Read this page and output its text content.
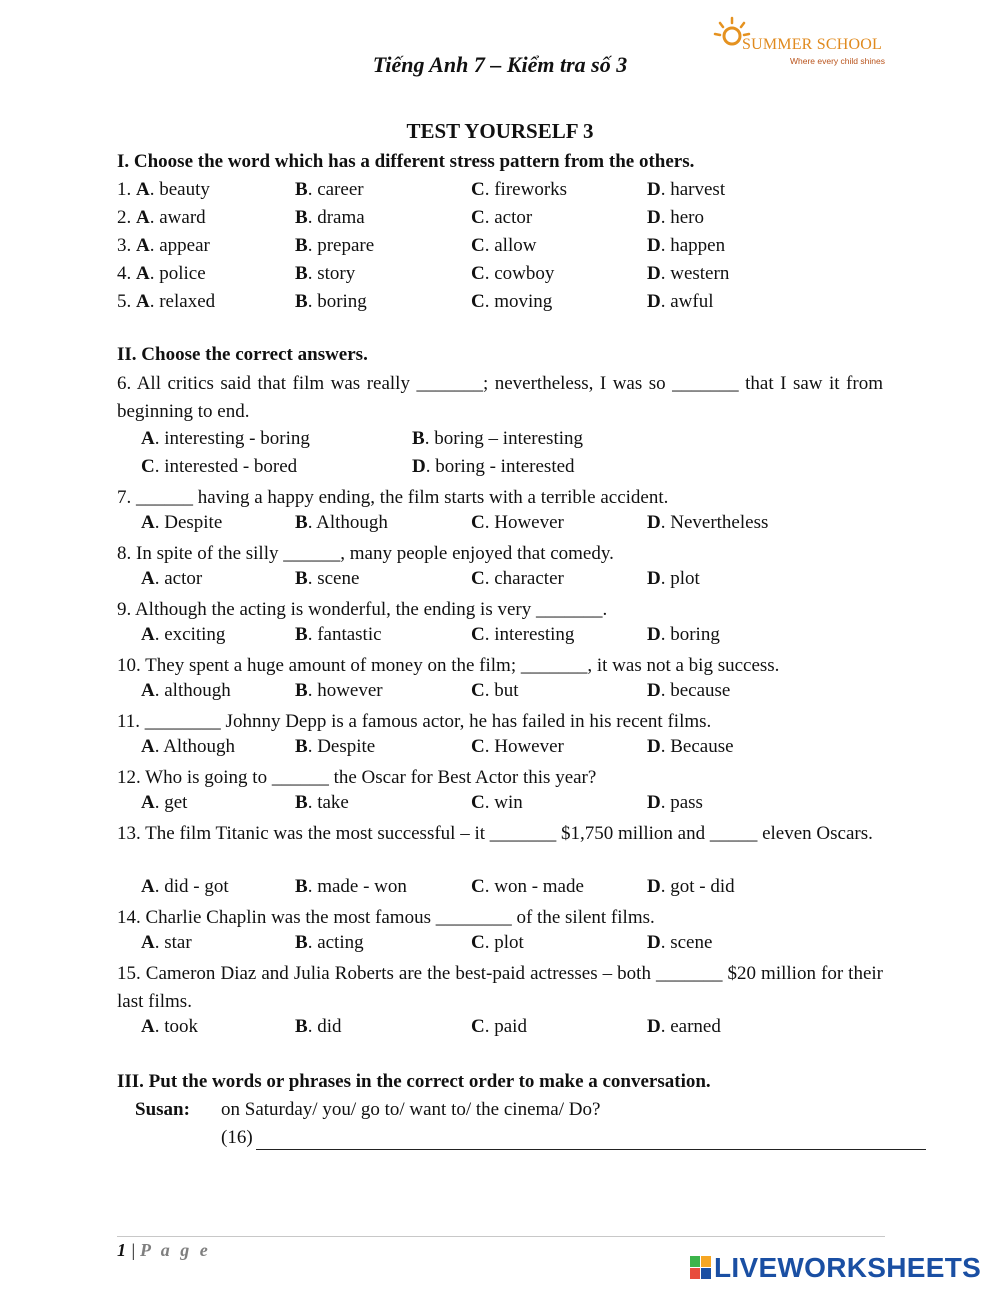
Tiếng Anh 7 – Kiểm tra số 3
SUMMER SCHOOL
Where every child shines
TEST YOURSELF 3
I. Choose the word which has a different stress pattern from the others.
1. A. beauty	B. career	C. fireworks	D. harvest
2. A. award	B. drama	C. actor	D. hero
3. A. appear	B. prepare	C. allow	D. happen
4. A. police	B. story	C. cowboy	D. western
5. A. relaxed	B. boring	C. moving	D. awful
II. Choose the correct answers.
6. All critics said that film was really _______; nevertheless, I was so _______ that I saw it from beginning to end.
A. interesting - boring	B. boring – interesting
C. interested - bored	D. boring - interested
7. ______ having a happy ending, the film starts with a terrible accident.
A. Despite	B. Although	C. However	D. Nevertheless
8. In spite of the silly ______, many people enjoyed that comedy.
A. actor	B. scene	C. character	D. plot
9. Although the acting is wonderful, the ending is very _______.
A. exciting	B. fantastic	C. interesting	D. boring
10. They spent a huge amount of money on the film; _______, it was not a big success.
A. although	B. however	C. but	D. because
11. ________ Johnny Depp is a famous actor, he has failed in his recent films.
A. Although	B. Despite	C. However	D. Because
12. Who is going to ______ the Oscar for Best Actor this year?
A. get	B. take	C. win	D. pass
13. The film Titanic was the most successful – it _______ $1,750 million and _____ eleven Oscars.
A. did - got	B. made - won	C. won - made	D. got - did
14. Charlie Chaplin was the most famous ________ of the silent films.
A. star	B. acting	C. plot	D. scene
15. Cameron Diaz and Julia Roberts are the best-paid actresses – both _______ $20 million for their last films.
A. took	B. did	C. paid	D. earned
III. Put the words or phrases in the correct order to make a conversation.
Susan: on Saturday/ you/ go to/ want to/ the cinema/ Do?
(16)
1 | P a g e
LIVEWORKSHEETS
